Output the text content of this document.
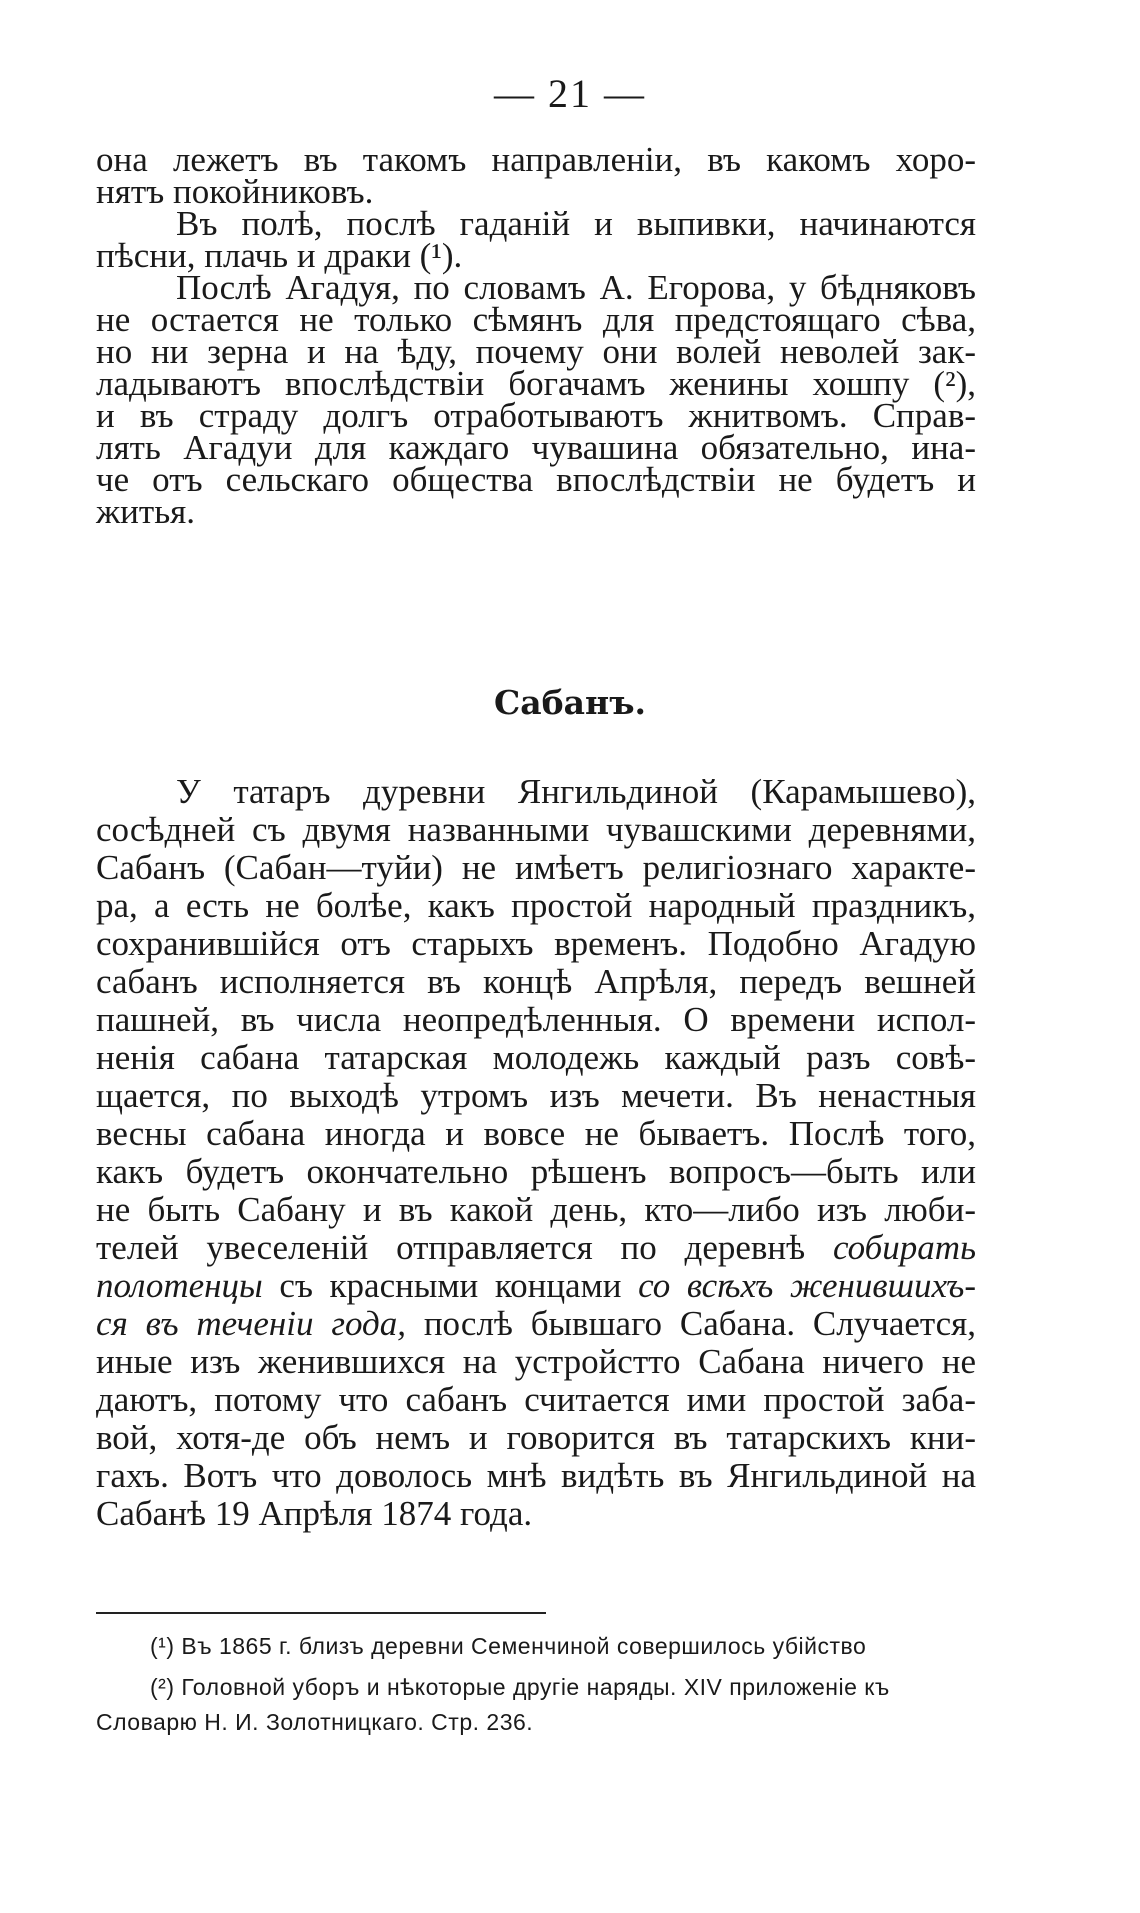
— 21 —
она лежетъ въ такомъ направленіи, въ какомъ хоро-
нятъ покойниковъ.
Въ полѣ, послѣ гаданій и выпивки, начинаются
пѣсни, плачь и драки (¹).
Послѣ Агадуя, по словамъ А. Егорова, у бѣдняковъ
не остается не только сѣмянъ для предстоящаго сѣва,
но ни зерна и на ѣду, почему они волей неволей зак-
ладываютъ впослѣдствіи богачамъ женины хошпу (²),
и въ страду долгъ отработываютъ жнитвомъ. Справ-
лять Агадуи для каждаго чувашина обязательно, ина-
че отъ сельскаго общества впослѣдствіи не будетъ и
житья.
Сабанъ.
У татаръ дуревни Янгильдиной (Карамышево),
сосѣдней съ двумя названными чувашскими деревнями,
Сабанъ (Сабан—туйи) не имѣетъ религіознаго характе-
ра, а есть не болѣе, какъ простой народный праздникъ,
сохранившійся отъ старыхъ временъ. Подобно Агадую
сабанъ исполняется въ концѣ Апрѣля, передъ вешней
пашней, въ числа неопредѣленныя. О времени испол-
ненія сабана татарская молодежь каждый разъ совѣ-
щается, по выходѣ утромъ изъ мечети. Въ ненастныя
весны сабана иногда и вовсе не бываетъ. Послѣ того,
какъ будетъ окончательно рѣшенъ вопросъ—быть или
не быть Сабану и въ какой день, кто—либо изъ люби-
телей увеселеній отправляется по деревнѣ собирать
полотенцы съ красными концами со всѣхъ женившихъ-
ся въ теченіи года, послѣ бывшаго Сабана. Случается,
иные изъ женившихся на устройстто Сабана ничего не
даютъ, потому что сабанъ считается ими простой заба-
вой, хотя-де объ немъ и говорится въ татарскихъ кни-
гахъ. Вотъ что доволось мнѣ видѣть въ Янгильдиной на
Сабанѣ 19 Апрѣля 1874 года.
(¹) Въ 1865 г. близъ деревни Семенчиной совершилось убійство
(²) Головной уборъ и нѣкоторые другіе наряды. XIV приложеніе къ
Словарю Н. И. Золотницкаго. Стр. 236.
